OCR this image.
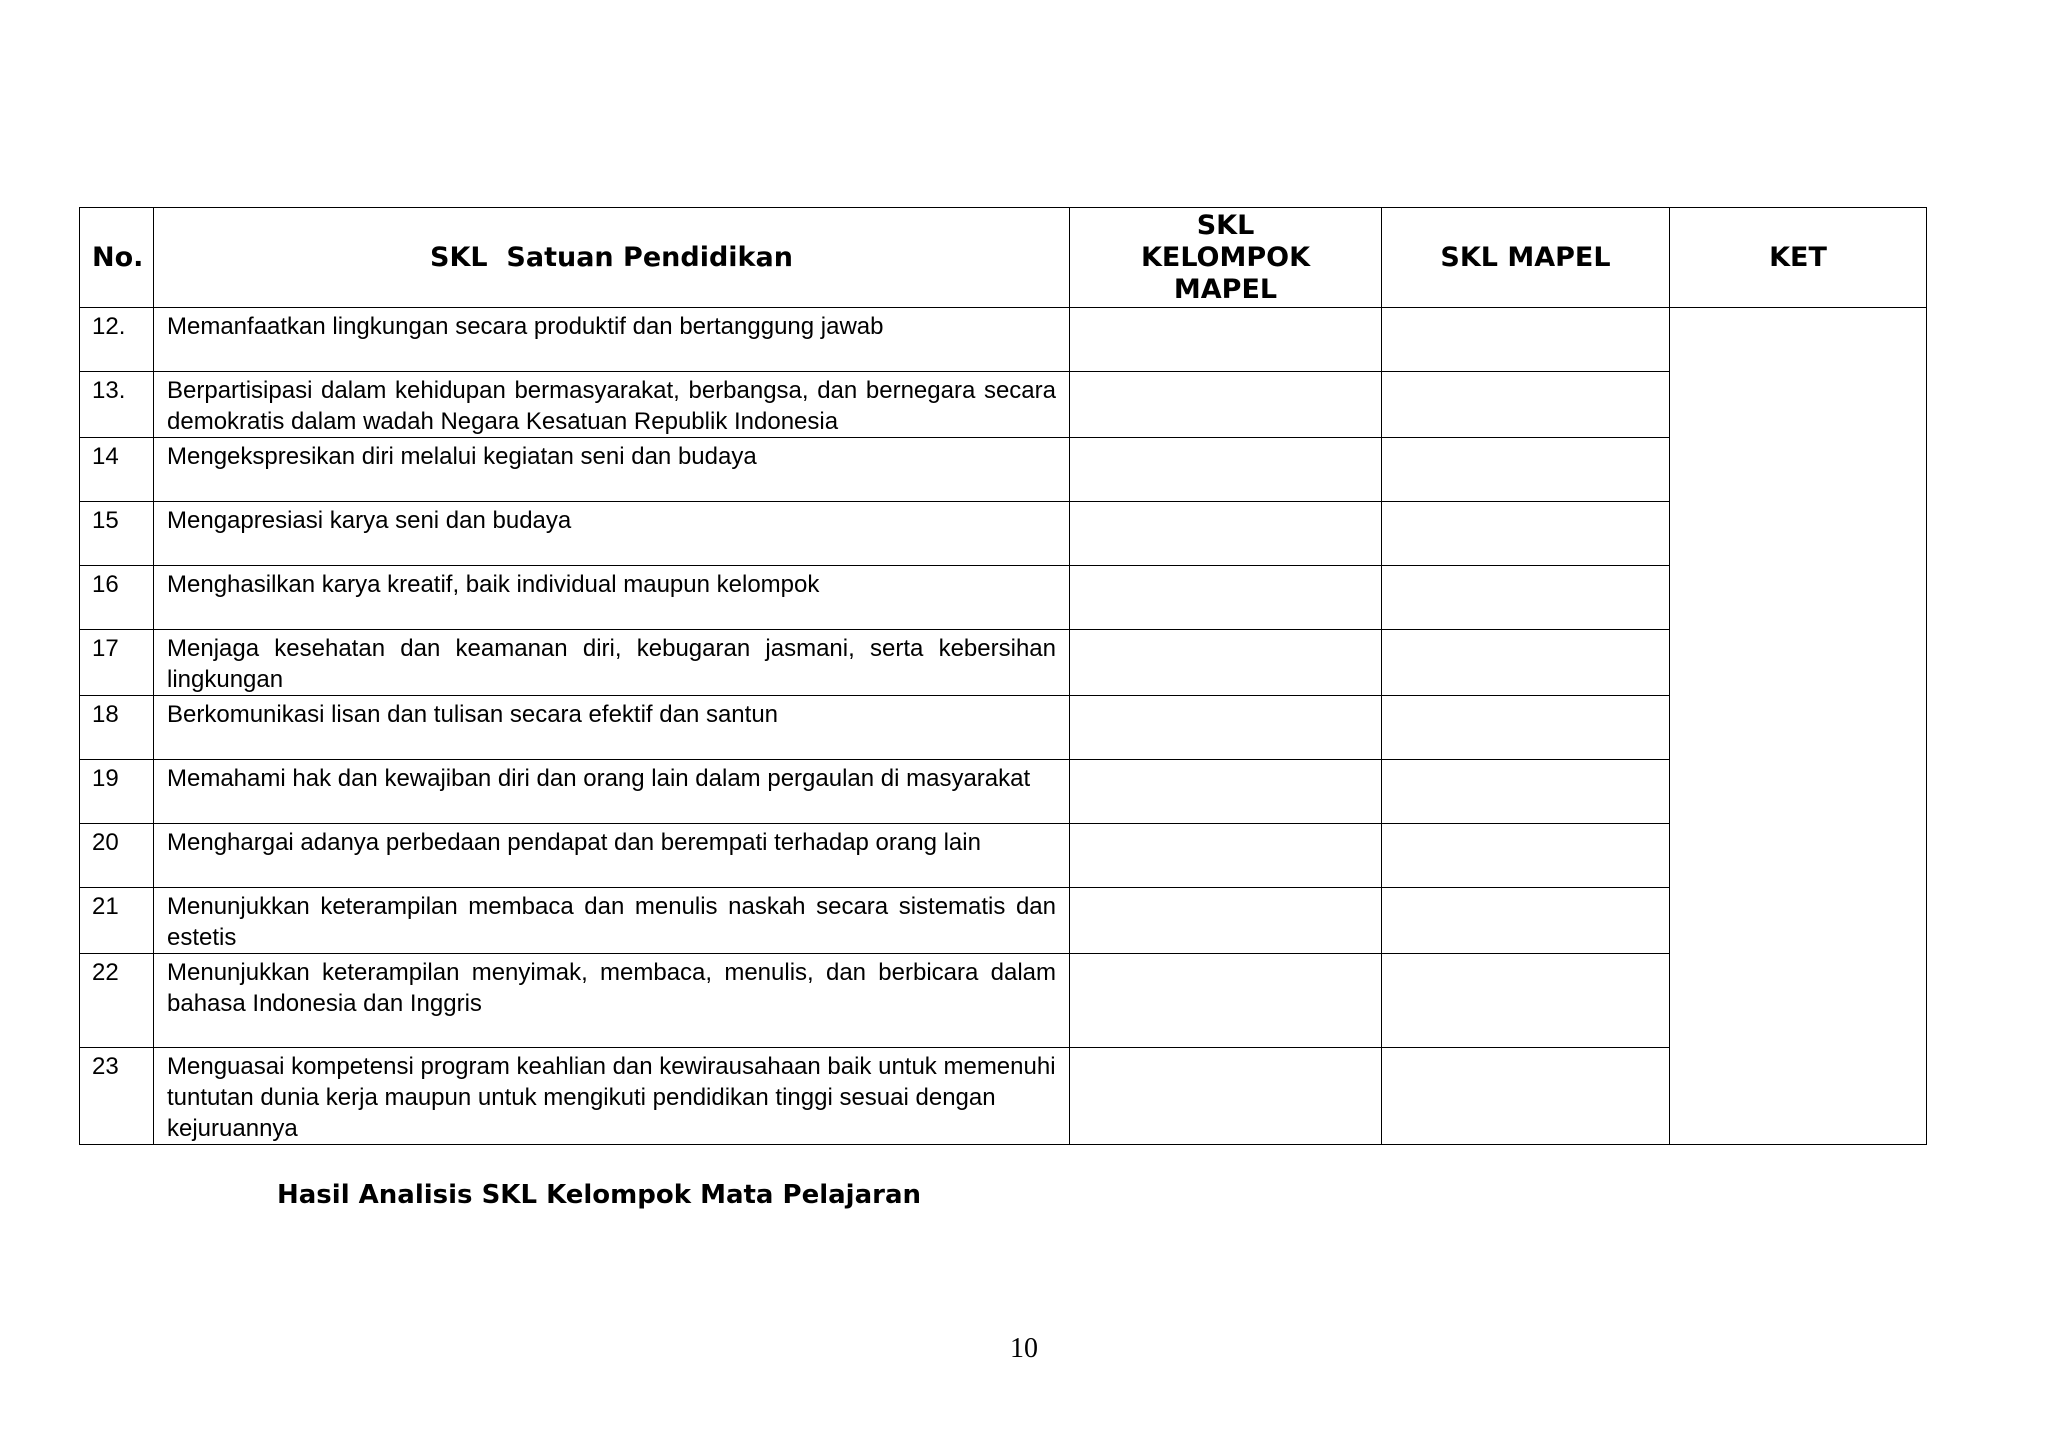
No.	SKL  Satuan Pendidikan	SKL KELOMPOK MAPEL	SKL MAPEL	KET
12.	Memanfaatkan lingkungan secara produktif dan bertanggung jawab			
13.	Berpartisipasi dalam kehidupan bermasyarakat, berbangsa, dan bernegara secara demokratis dalam wadah Negara Kesatuan Republik Indonesia			
14	Mengekspresikan diri melalui kegiatan seni dan budaya			
15	Mengapresiasi karya seni dan budaya			
16	Menghasilkan karya kreatif, baik individual maupun kelompok			
17	Menjaga kesehatan dan keamanan diri, kebugaran jasmani, serta kebersihan lingkungan			
18	Berkomunikasi lisan dan tulisan secara efektif dan santun			
19	Memahami hak dan kewajiban diri dan orang lain dalam pergaulan di masyarakat			
20	Menghargai adanya perbedaan pendapat dan berempati terhadap orang lain			
21	Menunjukkan keterampilan membaca dan menulis naskah secara sistematis dan estetis			
22	Menunjukkan keterampilan menyimak, membaca, menulis, dan berbicara dalam bahasa Indonesia dan Inggris			
23	Menguasai kompetensi program keahlian dan kewirausahaan baik untuk memenuhi tuntutan dunia kerja maupun untuk mengikuti pendidikan tinggi sesuai dengan kejuruannya			
Hasil Analisis SKL Kelompok Mata Pelajaran
10
